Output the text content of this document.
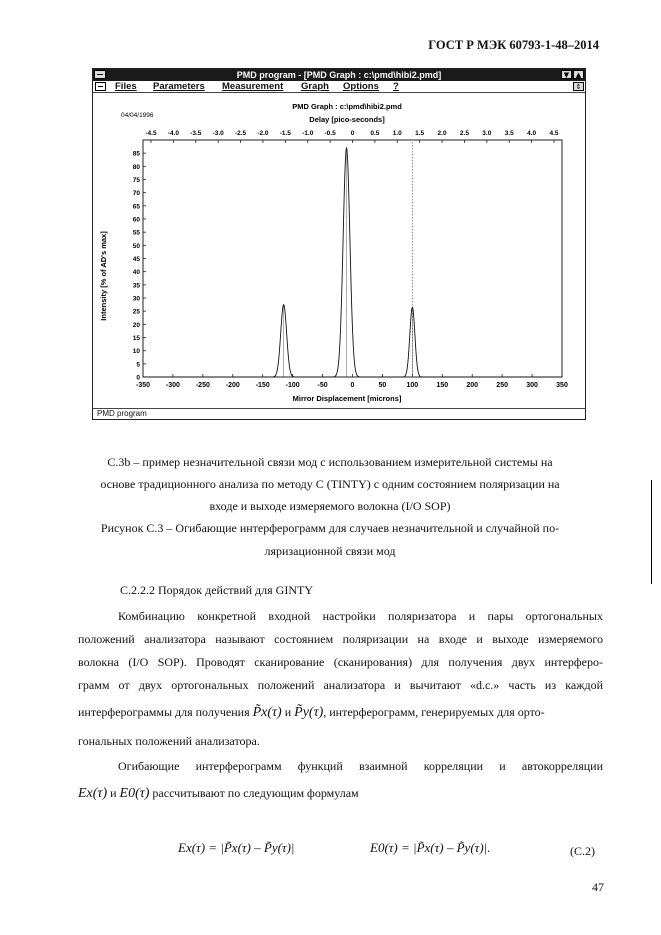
ГОСТ Р МЭК 60793-1-48–2014
PMD program - [PMD Graph : c:\pmd\hibi2.pmd]	▼ ▲
Files Parameters Measurement Graph Options ?	⇕
04/04/1996
PMD Graph : c:\pmd\hibi2.pmd
Delay [pico-seconds]
Mirror Displacement [microns]
Intensity [% of AD's max]
-350 -300 -250 -200 -150 -100	-50	0	50	100	150	200	250	300	350
-4.5 -4.0 -3.5 -3.0 -2.5 -2.0 -1.5 -1.0 -0.5 0 0.5 1.0 1.5 2.0 2.5 3.0 3.5 4.0 4.5
0
5
10
15
20
25
30
35
40
45
50
55
60
65
70
75
80
85
PMD program
С.3b – пример незначительной связи мод с использованием измерительной системы на
основе традиционного анализа по методу С (TINTY) с одним состоянием поляризации на
входе и выходе измеряемого волокна (I/O SOP)
Рисунок С.3 – Огибающие интерферограмм для случаев незначительной и случайной по-
ляризационной связи мод
С.2.2.2 Порядок действий для GINTY
Комбинацию конкретной входной настройки поляризатора и пары ортогональных
положений анализатора называют состоянием поляризации на входе и выходе измеряемого
волокна (I/O SOP). Проводят сканирование (сканирования) для получения двух интерферо-
грамм от двух ортогональных положений анализатора и вычитают «d.c.» часть из каждой
интерферограммы для получения P̃x(τ) и P̃y(τ), интерферограмм, генерируемых для орто-
гональных положений анализатора.
Огибающие интерферограмм функций взаимной корреляции и автокорреляции
Ex(τ) и E0(τ) рассчитывают по следующим формулам
Ex(τ) = |P̃x(τ) – P̃y(τ)|	E0(τ) = |P̃x(τ) – P̃y(τ)|.	(С.2)
47
